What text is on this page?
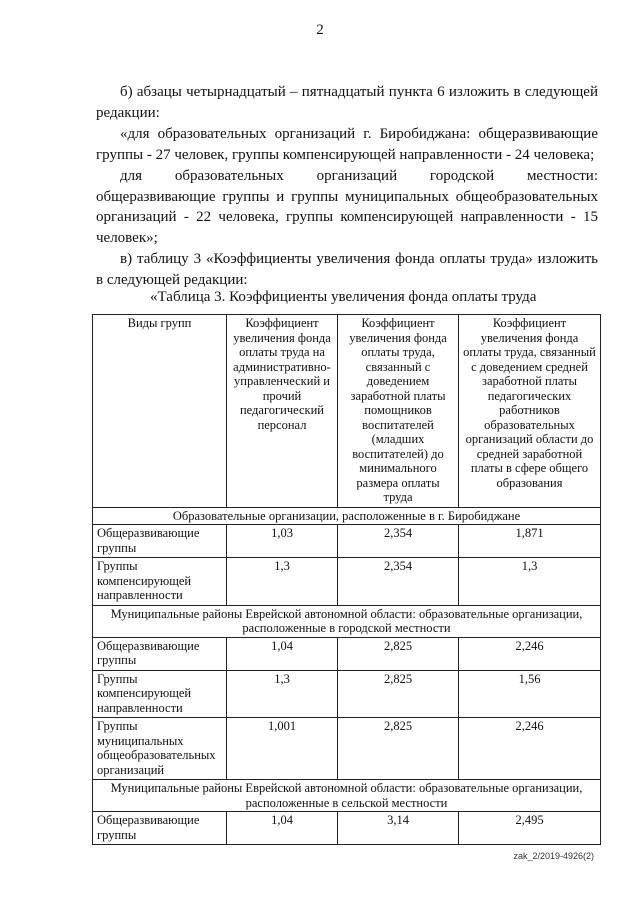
2
б) абзацы четырнадцатый – пятнадцатый пункта 6 изложить в следующей редакции:
«для образовательных организаций г. Биробиджана: общеразвивающие группы - 27 человек, группы компенсирующей направленности - 24 человека;
для образовательных организаций городской местности: общеразвивающие группы и группы муниципальных общеобразовательных организаций - 22 человека, группы компенсирующей направленности - 15 человек»;
в) таблицу 3 «Коэффициенты увеличения фонда оплаты труда» изложить в следующей редакции:
«Таблица 3. Коэффициенты увеличения фонда оплаты труда
Виды групп	Коэффициент увеличения фонда оплаты труда на административно-управленческий и прочий педагогический персонал	Коэффициент увеличения фонда оплаты труда, связанный с доведением заработной платы помощников воспитателей (младших воспитателей) до минимального размера оплаты труда	Коэффициент увеличения фонда оплаты труда, связанный с доведением средней заработной платы педагогических работников образовательных организаций области до средней заработной платы в сфере общего образования
Образовательные организации, расположенные в г. Биробиджане			
Общеразвивающие группы	1,03	2,354	1,871
Группы компенсирующей направленности	1,3	2,354	1,3
Муниципальные районы Еврейской автономной области: образовательные организации, расположенные в городской местности			
Общеразвивающие группы	1,04	2,825	2,246
Группы компенсирующей направленности	1,3	2,825	1,56
Группы муниципальных общеобразовательных организаций	1,001	2,825	2,246
Муниципальные районы Еврейской автономной области: образовательные организации, расположенные в сельской местности			
Общеразвивающие группы	1,04	3,14	2,495
zak_2/2019-4926(2)
